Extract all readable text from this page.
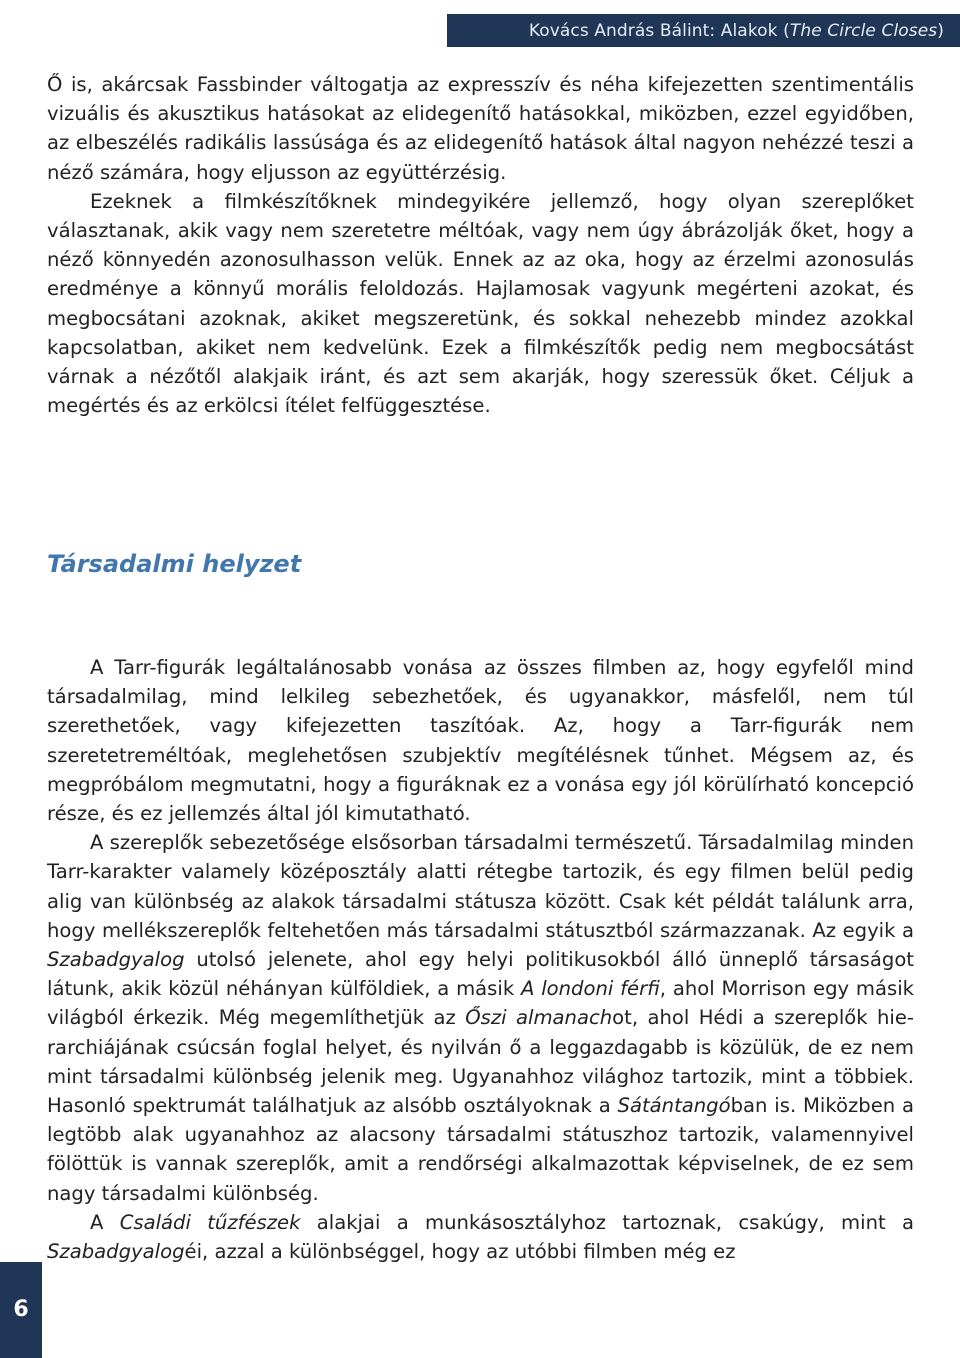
Kovács András Bálint: Alakok (The Circle Closes)

Ő is, akárcsak Fassbinder váltogatja az expresszív és néha kifejezetten szentimentális vizuális és akusztikus hatásokat az elidegenítő hatásokkal, miközben, ezzel egyidőben, az elbeszélés radikális lassúsága és az elidegenítő hatások által nagyon nehézzé teszi a néző számára, hogy eljusson az együttérzésig.

Ezeknek a filmkészítőknek mindegyikére jellemző, hogy olyan szereplőket választanak, akik vagy nem szeretetre méltóak, vagy nem úgy ábrázolják őket, hogy a néző könnyedén azonosulhasson velük. Ennek az az oka, hogy az érzelmi azonosulás eredménye a könnyű morális feloldozás. Hajlamosak vagyunk megérteni azokat, és megbocsátani azoknak, akiket megszeretünk, és sokkal nehezebb mindez azokkal kapcsolatban, akiket nem kedvelünk. Ezek a filmkészítők pedig nem megbocsátást várnak a nézőtől alakjaik iránt, és azt sem akarják, hogy szeressük őket. Céljuk a megértés és az erkölcsi ítélet felfüggesztése.

Társadalmi helyzet

A Tarr-figurák legáltalánosabb vonása az összes filmben az, hogy egyfelől mind társadalmilag, mind lelkileg sebezhetőek, és ugyanakkor, másfelől, nem túl szerethetőek, vagy kifejezetten taszítóak. Az, hogy a Tarr-figurák nem szeretetreméltóak, meglehetősen szubjektív megítélésnek tűnhet. Mégsem az, és megpróbálom megmutatni, hogy a figuráknak ez a vonása egy jól körülírható koncepció része, és ez jellemzés által jól kimutatható.

A szereplők sebezetősége elsősorban társadalmi természetű. Társadalmilag minden Tarr-karakter valamely középosztály alatti rétegbe tartozik, és egy filmen belül pedig alig van különbség az alakok társadalmi státusza között. Csak két példát találunk arra, hogy mellékszereplők feltehetően más társadalmi státusztból származzanak. Az egyik a Szabadgyalog utolsó jelenete, ahol egy helyi politikusokból álló ünneplő társaságot látunk, akik közül néhányan külföldiek, a másik A londoni férfi, ahol Morrison egy másik világból érkezik. Még megemlíthetjük az Őszi almanachot, ahol Hédi a szereplők hierarchiájának csúcsán foglal helyet, és nyilván ő a leggazdagabb is közülük, de ez nem mint társadalmi különbség jelenik meg. Ugyanahhoz világhoz tartozik, mint a többiek. Hasonló spektrumát találhatjuk az alsóbb osztályoknak a Sátántangóban is. Miközben a legtöbb alak ugyanahhoz az alacsony társadalmi státuszhoz tartozik, valamennyivel fölöttük is vannak szereplők, amit a rendőrségi alkalmazottak képviselnek, de ez sem nagy társadalmi különbség.

A Családi tűzfészek alakjai a munkásosztályhoz tartoznak, csakúgy, mint a Szabadgyalogéi, azzal a különbséggel, hogy az utóbbi filmben még ez

6
